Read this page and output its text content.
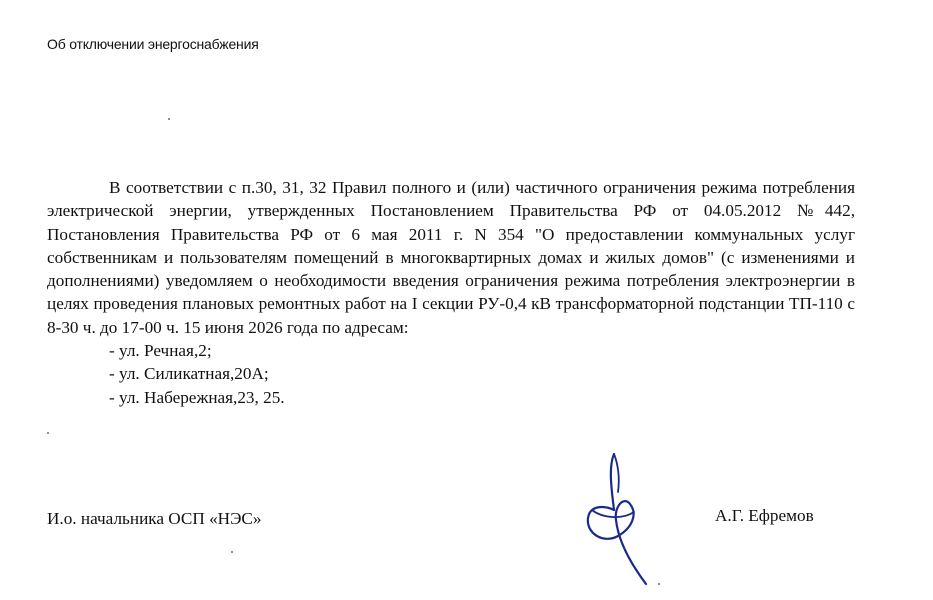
Об отключении энергоснабжения

В соответствии с п.30, 31, 32 Правил полного и (или) частичного ограничения режима потребления электрической энергии, утвержденных Постановлением Правительства РФ от 04.05.2012 №442, Постановления Правительства РФ от 6 мая 2011 г. N 354 "О предоставлении коммунальных услуг собственникам и пользователям помещений в многоквартирных домах и жилых домов" (с изменениями и дополнениями) уведомляем о необходимости введения ограничения режима потребления электроэнергии в целях проведения плановых ремонтных работ на I секции РУ-0,4 кВ трансформаторной подстанции ТП-110 с 8-30 ч. до 17-00 ч. 15 июня 2026 года по адресам:

- ул. Речная,2;
- ул. Силикатная,20А;
- ул. Набережная,23, 25.
И.о. начальника ОСП «НЭС»	А.Г. Ефремов
